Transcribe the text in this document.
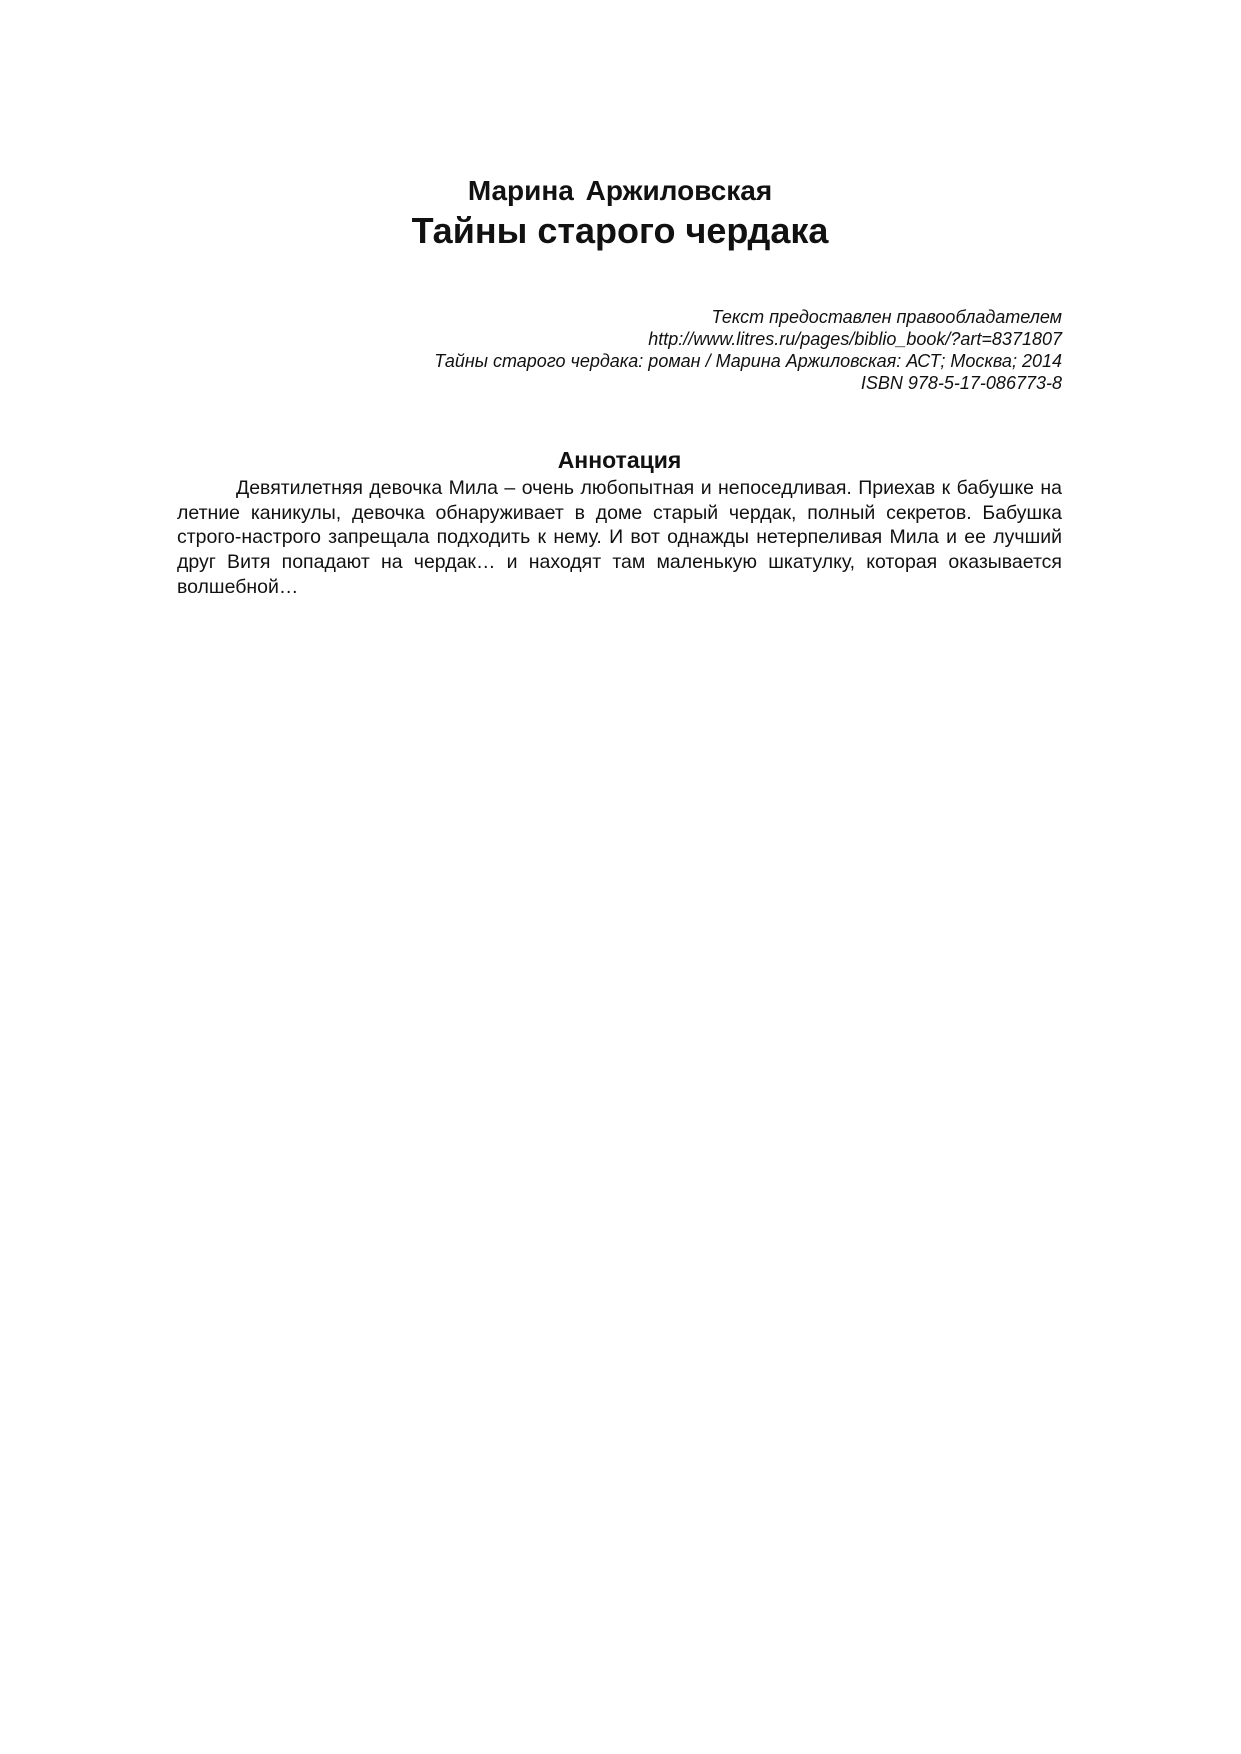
Марина Аржиловская
Тайны старого чердака
Текст предоставлен правообладателем
http://www.litres.ru/pages/biblio_book/?art=8371807
Тайны старого чердака: роман / Марина Аржиловская: АСТ; Москва; 2014
ISBN 978-5-17-086773-8
Аннотация

Девятилетняя девочка Мила – очень любопытная и непоседливая. Приехав к бабушке на летние каникулы, девочка обнаруживает в доме старый чердак, полный секретов. Бабушка строго-настрого запрещала подходить к нему. И вот однажды нетерпеливая Мила и ее лучший друг Витя попадают на чердак… и находят там маленькую шкатулку, которая оказывается волшебной…
